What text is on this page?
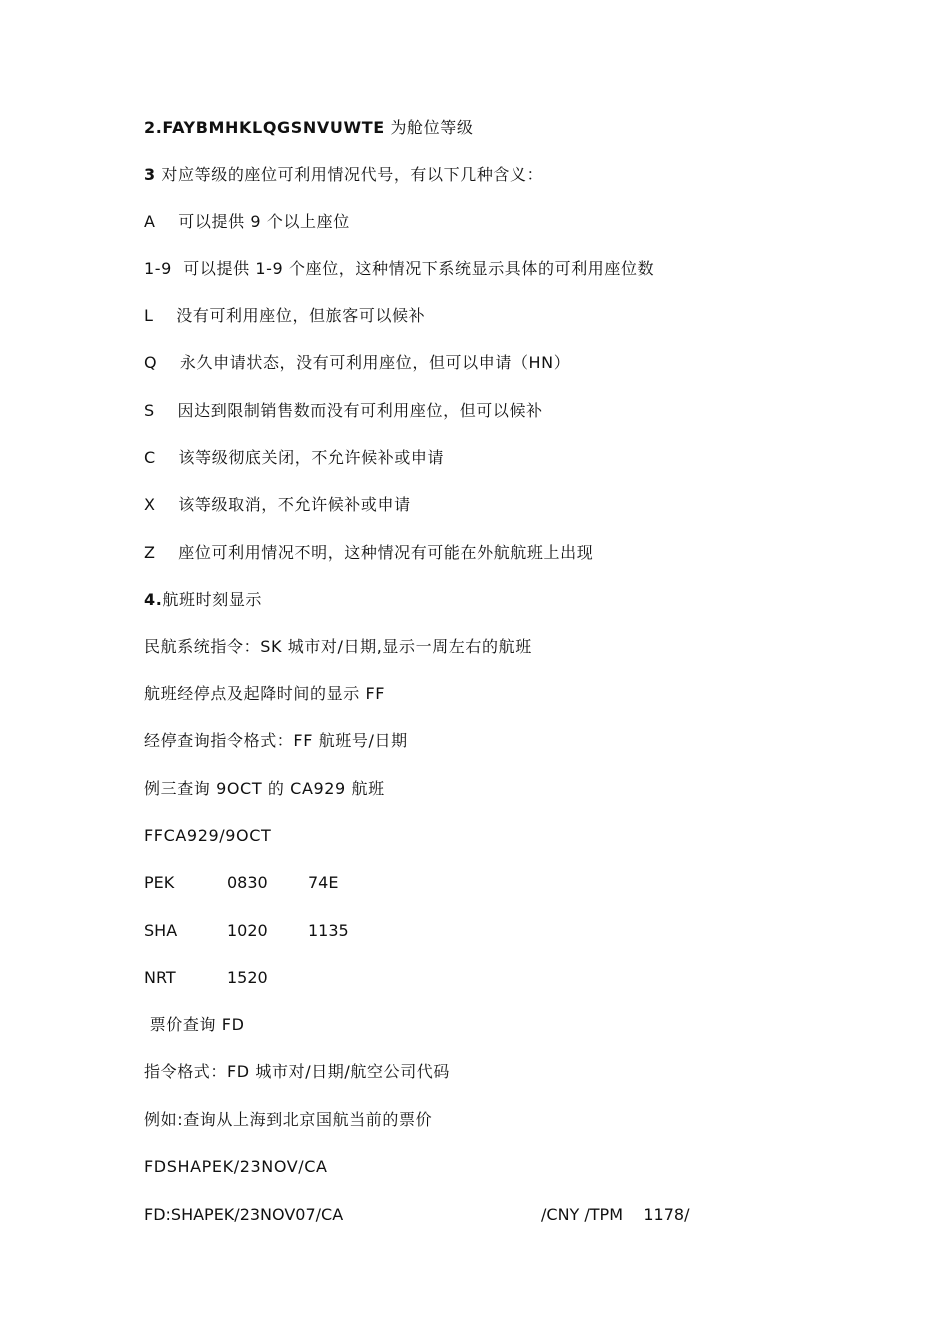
2.FAYBMHKLQGSNVUWTE 为舱位等级
3 对应等级的座位可利用情况代号，有以下几种含义：
A    可以提供 9 个以上座位
1-9  可以提供 1-9 个座位，这种情况下系统显示具体的可利用座位数
L    没有可利用座位，但旅客可以候补
Q    永久申请状态，没有可利用座位，但可以申请（HN）
S    因达到限制销售数而没有可利用座位，但可以候补
C    该等级彻底关闭，不允许候补或申请
X    该等级取消，不允许候补或申请
Z    座位可利用情况不明，这种情况有可能在外航航班上出现
4.航班时刻显示
民航系统指令：SK 城市对/日期,显示一周左右的航班
航班经停点及起降时间的显示 FF
经停查询指令格式：FF 航班号/日期
例三查询 9OCT 的 CA929 航班
FFCA929/9OCT
PEK	0830	74E
SHA	1020	1135
NRT	1520
票价查询 FD
指令格式：FD 城市对/日期/航空公司代码
例如:查询从上海到北京国航当前的票价
FDSHAPEK/23NOV/CA
FD:SHAPEK/23NOV07/CA	/CNY /TPM    1178/
